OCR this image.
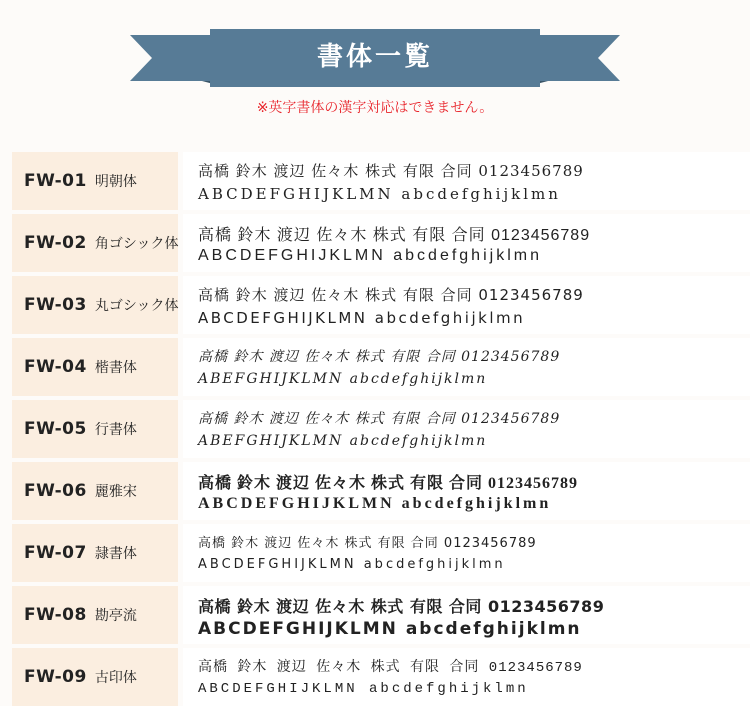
書体一覧
※英字書体の漢字対応はできません。
FW-01 明朝体
高橋 鈴木 渡辺 佐々木 株式 有限 合同 0123456789
ABCDEFGHIJKLMN abcdefghijklmn
FW-02 角ゴシック体 高橋 鈴木 渡辺 佐々木 株式 有限 合同 0123456789
ABCDEFGHIJKLMN abcdefghijklmn
FW-03 丸ゴシック体
高橋 鈴木 渡辺 佐々木 株式 有限 合同 0123456789
ABCDEFGHIJKLMN abcdefghijklmn
FW-04 楷書体
高橋 鈴木 渡辺 佐々木 株式 有限 合同 0123456789
ABEFGHIJKLMN abcdefghijklmn
FW-05 行書体
高橋 鈴木 渡辺 佐々木 株式 有限 合同 0123456789
ABEFGHIJKLMN abcdefghijklmn
FW-06 麗雅宋	高橋 鈴木 渡辺 佐々木 株式 有限 合同 0123456789
ABCDEFGHIJKLMN abcdefghijklmn
FW-07 隷書体
高橋 鈴木 渡辺 佐々木 株式 有限 合同 0123456789
ABCDEFGHIJKLMN abcdefghijklmn
FW-08 勘亭流	高橋 鈴木 渡辺 佐々木 株式 有限 合同 0123456789
ABCDEFGHIJKLMN abcdefghijklmn
FW-09 古印体
高橋 鈴木 渡辺 佐々木 株式 有限 合同 0123456789
ABCDEFGHIJKLMN abcdefghijklmn
